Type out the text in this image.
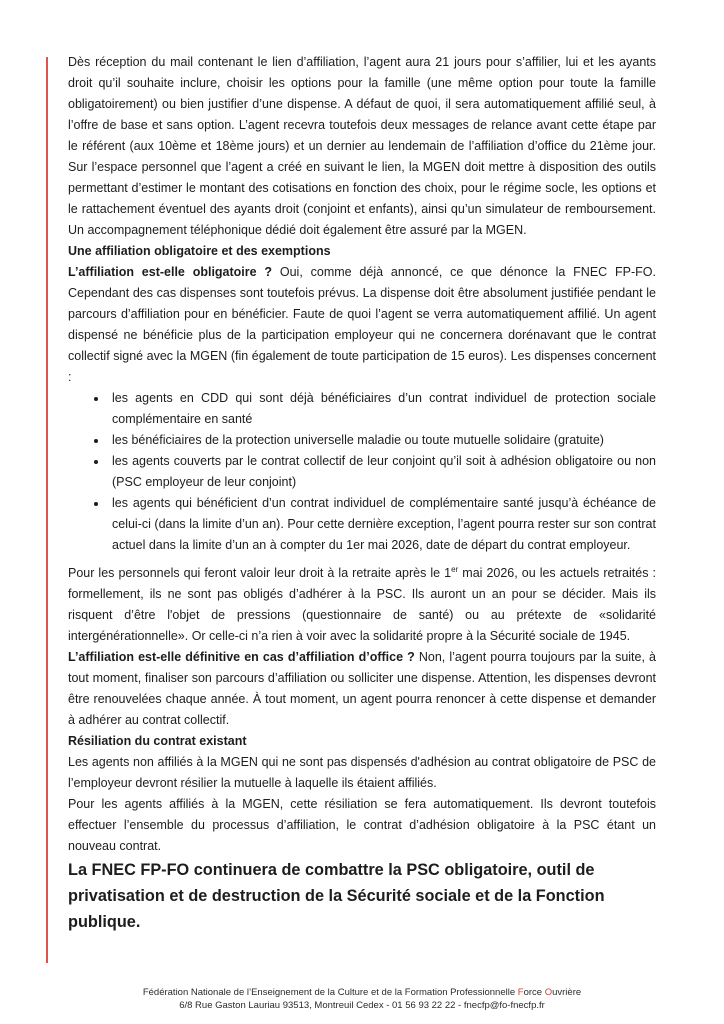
Dès réception du mail contenant le lien d’affiliation, l’agent aura 21 jours pour s’affilier, lui et les ayants droit qu’il souhaite inclure, choisir les options pour la famille (une même option pour toute la famille obligatoirement) ou bien justifier d’une dispense. A défaut de quoi, il sera automatiquement affilié seul, à l’offre de base et sans option. L’agent recevra toutefois deux messages de relance avant cette étape par le référent (aux 10ème et 18ème jours) et un dernier au lendemain de l’affiliation d’office du 21ème jour. Sur l’espace personnel que l’agent a créé en suivant le lien, la MGEN doit mettre à disposition des outils permettant d’estimer le montant des cotisations en fonction des choix, pour le régime socle, les options et le rattachement éventuel des ayants droit (conjoint et enfants), ainsi qu’un simulateur de remboursement. Un accompagnement téléphonique dédié doit également être assuré par la MGEN.

Une affiliation obligatoire et des exemptions

L’affiliation est-elle obligatoire ? Oui, comme déjà annoncé, ce que dénonce la FNEC FP-FO. Cependant des cas dispenses sont toutefois prévus. La dispense doit être absolument justifiée pendant le parcours d’affiliation pour en bénéficier. Faute de quoi l’agent se verra automatiquement affilié. Un agent dispensé ne bénéficie plus de la participation employeur qui ne concernera dorénavant que le contrat collectif signé avec la MGEN (fin également de toute participation de 15 euros). Les dispenses concernent :

• les agents en CDD qui sont déjà bénéficiaires d’un contrat individuel de protection sociale complémentaire en santé
• les bénéficiaires de la protection universelle maladie ou toute mutuelle solidaire (gratuite)
• les agents couverts par le contrat collectif de leur conjoint qu’il soit à adhésion obligatoire ou non (PSC employeur de leur conjoint)
• les agents qui bénéficient d’un contrat individuel de complémentaire santé jusqu’à échéance de celui-ci (dans la limite d’un an). Pour cette dernière exception, l’agent pourra rester sur son contrat actuel dans la limite d’un an à compter du 1er mai 2026, date de départ du contrat employeur.

Pour les personnels qui feront valoir leur droit à la retraite après le 1er mai 2026, ou les actuels retraités : formellement, ils ne sont pas obligés d’adhérer à la PSC. Ils auront un an pour se décider. Mais ils risquent d’être l'objet de pressions (questionnaire de santé) ou au prétexte de «solidarité intergénérationnelle». Or celle-ci n’a rien à voir avec la solidarité propre à la Sécurité sociale de 1945.

L’affiliation est-elle définitive en cas d’affiliation d’office ? Non, l’agent pourra toujours par la suite, à tout moment, finaliser son parcours d’affiliation ou solliciter une dispense. Attention, les dispenses devront être renouvelées chaque année. À tout moment, un agent pourra renoncer à cette dispense et demander à adhérer au contrat collectif.

Résiliation du contrat existant

Les agents non affiliés à la MGEN qui ne sont pas dispensés d'adhésion au contrat obligatoire de PSC de l’employeur devront résilier la mutuelle à laquelle ils étaient affiliés.

Pour les agents affiliés à la MGEN, cette résiliation se fera automatiquement. Ils devront toutefois effectuer l’ensemble du processus d’affiliation, le contrat d’adhésion obligatoire à la PSC étant un nouveau contrat.

La FNEC FP-FO continuera de combattre la PSC obligatoire, outil de privatisation et de destruction de la Sécurité sociale et de la Fonction publique.

Fédération Nationale de l’Enseignement de la Culture et de la Formation Professionnelle Force Ouvrière
6/8 Rue Gaston Lauriau 93513, Montreuil Cedex - 01 56 93 22 22 - fnecfp@fo-fnecfp.fr
